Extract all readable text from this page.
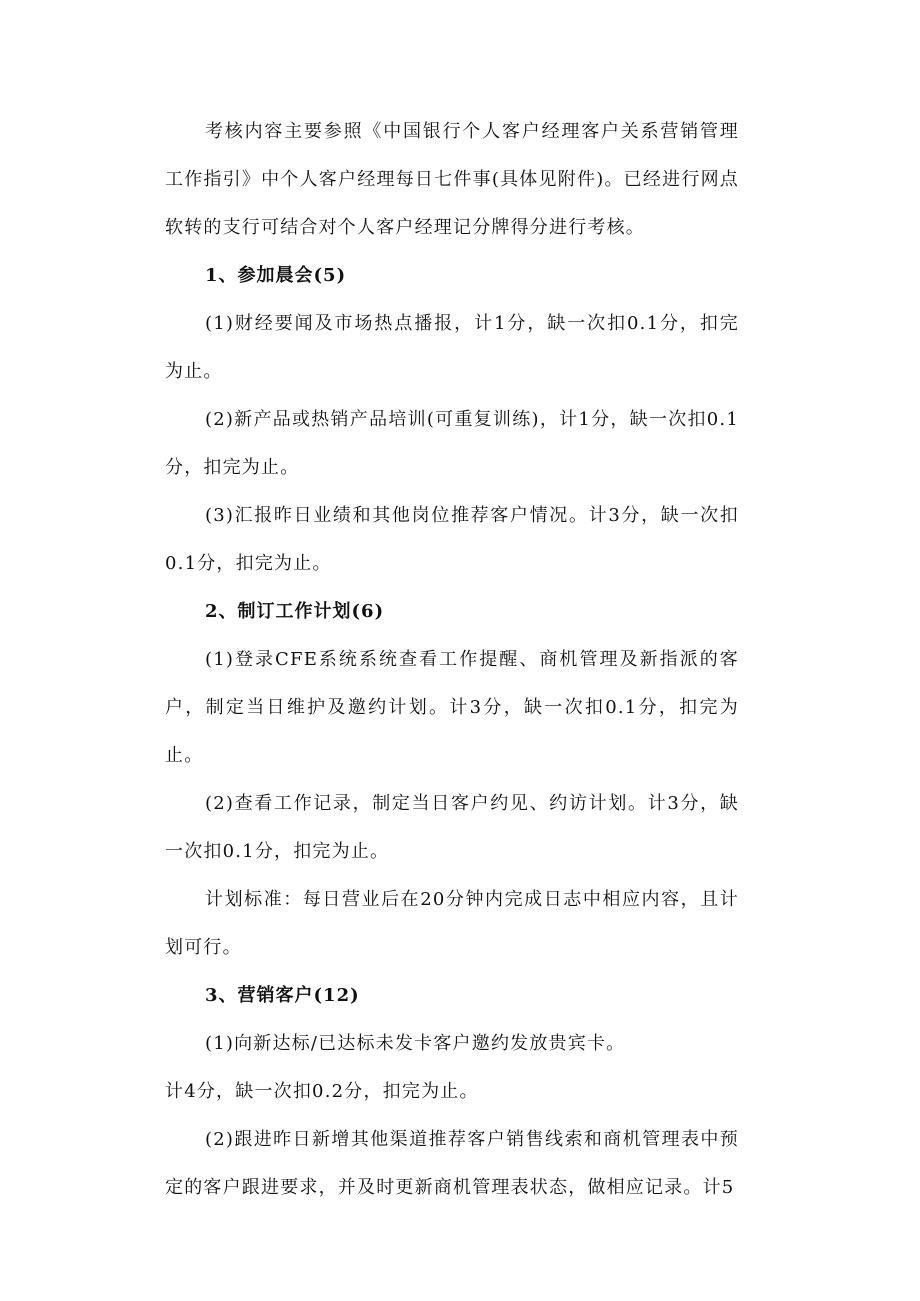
考核内容主要参照《中国银行个人客户经理客户关系营销管理工作指引》中个人客户经理每日七件事(具体见附件)。已经进行网点软转的支行可结合对个人客户经理记分牌得分进行考核。

1、参加晨会(5)

(1)财经要闻及市场热点播报，计1分，缺一次扣0.1分，扣完为止。

(2)新产品或热销产品培训(可重复训练)，计1分，缺一次扣0.1分，扣完为止。

(3)汇报昨日业绩和其他岗位推荐客户情况。计3分，缺一次扣0.1分，扣完为止。

2、制订工作计划(6)

(1)登录CFE系统系统查看工作提醒、商机管理及新指派的客户，制定当日维护及邀约计划。计3分，缺一次扣0.1分，扣完为止。

(2)查看工作记录，制定当日客户约见、约访计划。计3分，缺一次扣0.1分，扣完为止。

计划标准：每日营业后在20分钟内完成日志中相应内容，且计划可行。

3、营销客户(12)

(1)向新达标/已达标未发卡客户邀约发放贵宾卡。

计4分，缺一次扣0.2分，扣完为止。

(2)跟进昨日新增其他渠道推荐客户销售线索和商机管理表中预定的客户跟进要求，并及时更新商机管理表状态，做相应记录。计5
